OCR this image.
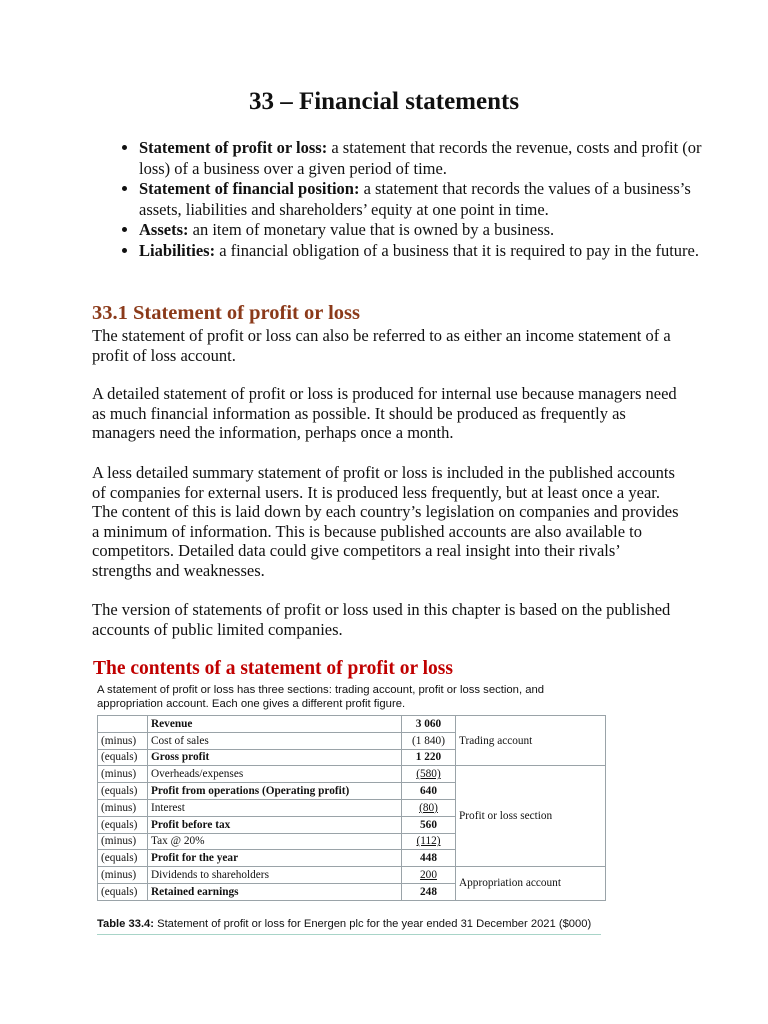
33 – Financial statements
• Statement of profit or loss: a statement that records the revenue, costs and profit (or loss) of a business over a given period of time.
• Statement of financial position: a statement that records the values of a business’s assets, liabilities and shareholders’ equity at one point in time.
• Assets: an item of monetary value that is owned by a business.
• Liabilities: a financial obligation of a business that it is required to pay in the future.
33.1 Statement of profit or loss

The statement of profit or loss can also be referred to as either an income statement of a profit of loss account.

A detailed statement of profit or loss is produced for internal use because managers need as much financial information as possible. It should be produced as frequently as managers need the information, perhaps once a month.

A less detailed summary statement of profit or loss is included in the published accounts of companies for external users. It is produced less frequently, but at least once a year. The content of this is laid down by each country’s legislation on companies and provides a minimum of information. This is because published accounts are also available to competitors. Detailed data could give competitors a real insight into their rivals’ strengths and weaknesses.

The version of statements of profit or loss used in this chapter is based on the published accounts of public limited companies.

The contents of a statement of profit or loss

A statement of profit or loss has three sections: trading account, profit or loss section, and appropriation account. Each one gives a different profit figure.

	Revenue	3 060	Trading account
(minus)	Cost of sales	(1 840)	
(equals)	Gross profit	1 220	
(minus)	Overheads/expenses	(580)	Profit or loss section
(equals)	Profit from operations (Operating profit)	640	
(minus)	Interest	(80)	
(equals)	Profit before tax	560	
(minus)	Tax @ 20%	(112)	
(equals)	Profit for the year	448	
(minus)	Dividends to shareholders	200	Appropriation account
(equals)	Retained earnings	248	

Table 33.4: Statement of profit or loss for Energen plc for the year ended 31 December 2021 ($000)
